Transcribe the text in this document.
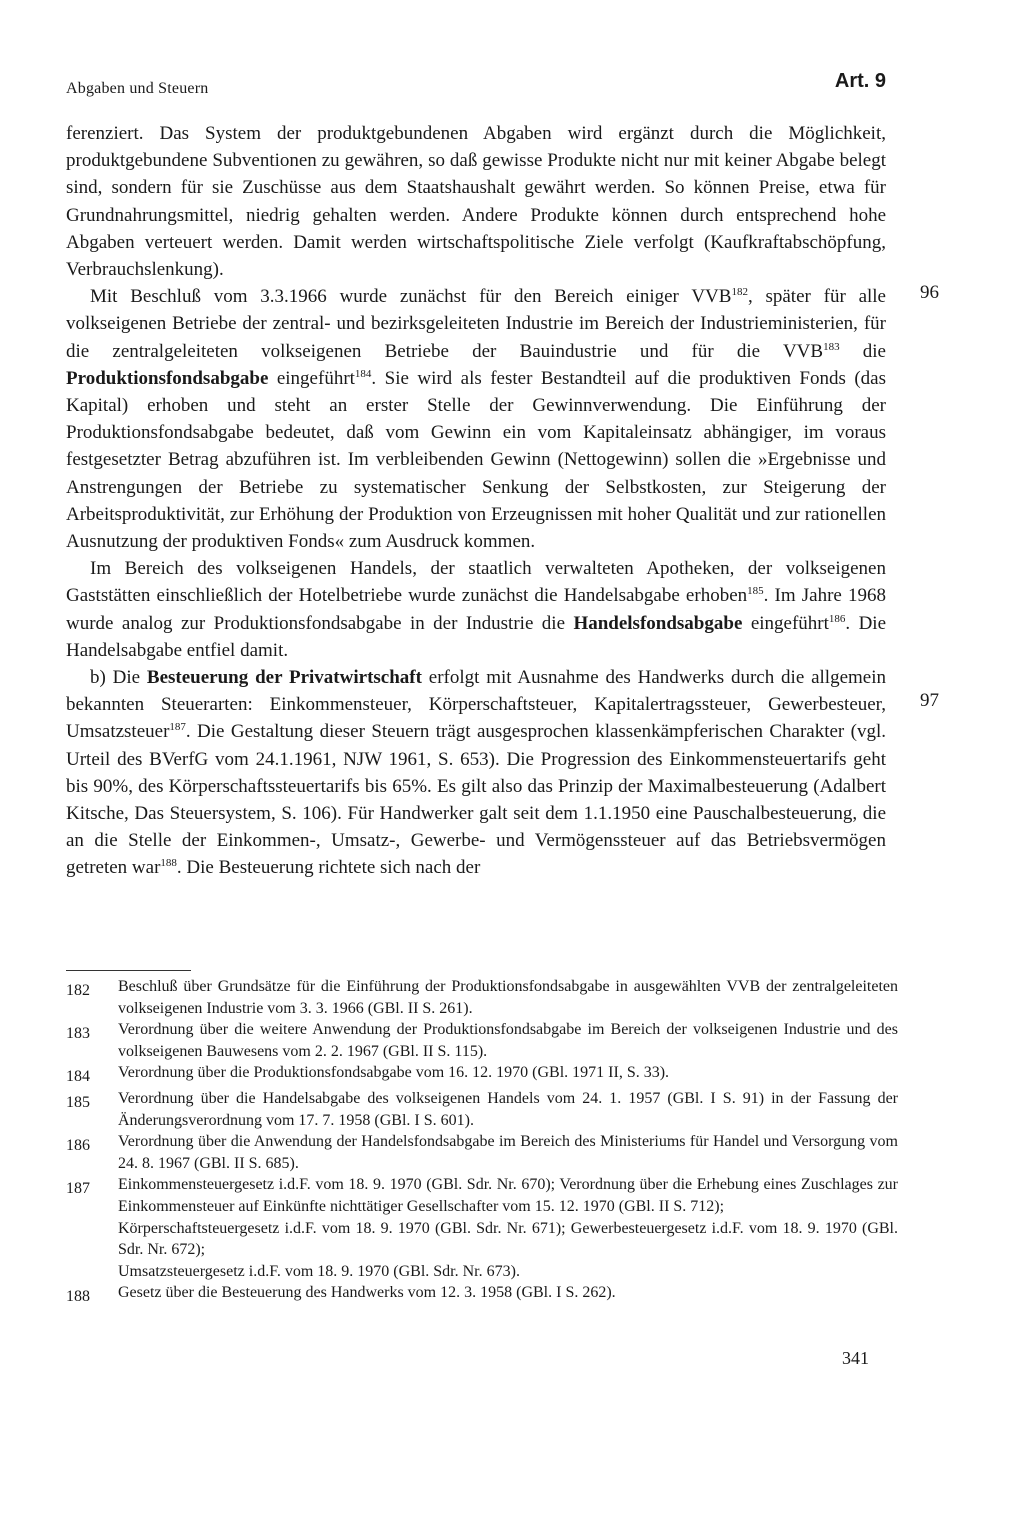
Abgaben und Steuern	Art. 9

ferenziert. Das System der produktgebundenen Abgaben wird ergänzt durch die Möglichkeit, produktgebundene Subventionen zu gewähren, so daß gewisse Produkte nicht nur mit keiner Abgabe belegt sind, sondern für sie Zuschüsse aus dem Staatshaushalt gewährt werden. So können Preise, etwa für Grundnahrungsmittel, niedrig gehalten werden. Andere Produkte können durch entsprechend hohe Abgaben verteuert werden. Damit werden wirtschaftspolitische Ziele verfolgt (Kaufkraftabschöpfung, Verbrauchslenkung).

Mit Beschluß vom 3.3.1966 wurde zunächst für den Bereich einiger VVB$^{182}$, später für alle volkseigenen Betriebe der zentral- und bezirksgeleiteten Industrie im Bereich der Industrieministerien, für die zentralgeleiteten volkseigenen Betriebe der Bauindustrie und für die VVB$^{183}$ die Produktionsfondsabgabe eingeführt$^{184}$. Sie wird als fester Bestandteil auf die produktiven Fonds (das Kapital) erhoben und steht an erster Stelle der Gewinnverwendung. Die Einführung der Produktionsfondsabgabe bedeutet, daß vom Gewinn ein vom Kapitaleinsatz abhängiger, im voraus festgesetzter Betrag abzuführen ist. Im verbleibenden Gewinn (Nettogewinn) sollen die »Ergebnisse und Anstrengungen der Betriebe zu systematischer Senkung der Selbstkosten, zur Steigerung der Arbeitsproduktivität, zur Erhöhung der Produktion von Erzeugnissen mit hoher Qualität und zur rationellen Ausnutzung der produktiven Fonds« zum Ausdruck kommen.

Im Bereich des volkseigenen Handels, der staatlich verwalteten Apotheken, der volkseigenen Gaststätten einschließlich der Hotelbetriebe wurde zunächst die Handelsabgabe erhoben$^{185}$. Im Jahre 1968 wurde analog zur Produktionsfondsabgabe in der Industrie die Handelsfondsabgabe eingeführt$^{186}$. Die Handelsabgabe entfiel damit.

b) Die Besteuerung der Privatwirtschaft erfolgt mit Ausnahme des Handwerks durch die allgemein bekannten Steuerarten: Einkommensteuer, Körperschaftsteuer, Kapitalertragssteuer, Gewerbesteuer, Umsatzsteuer$^{187}$. Die Gestaltung dieser Steuern trägt ausgesprochen klassenkämpferischen Charakter (vgl. Urteil des BVerfG vom 24.1.1961, NJW 1961, S. 653). Die Progression des Einkommensteuertarifs geht bis 90%, des Körperschaftssteuertarifs bis 65%. Es gilt also das Prinzip der Maximalbesteuerung (Adalbert Kitsche, Das Steuersystem, S. 106). Für Handwerker galt seit dem 1.1.1950 eine Pauschalbesteuerung, die an die Stelle der Einkommen-, Umsatz-, Gewerbe- und Vermögenssteuer auf das Betriebsvermögen getreten war$^{188}$. Die Besteuerung richtete sich nach der

96
97
182	Beschluß über Grundsätze für die Einführung der Produktionsfondsabgabe in ausgewählten VVB der zentralgeleiteten volkseigenen Industrie vom 3. 3. 1966 (GBl. II S. 261).
183	Verordnung über die weitere Anwendung der Produktionsfondsabgabe im Bereich der volkseigenen Industrie und des volkseigenen Bauwesens vom 2. 2. 1967 (GBl. II S. 115).
184	Verordnung über die Produktionsfondsabgabe vom 16. 12. 1970 (GBl. 1971 II, S. 33).
185	Verordnung über die Handelsabgabe des volkseigenen Handels vom 24. 1. 1957 (GBl. I S. 91) in der Fassung der Änderungsverordnung vom 17. 7. 1958 (GBl. I S. 601).
186	Verordnung über die Anwendung der Handelsfondsabgabe im Bereich des Ministeriums für Handel und Versorgung vom 24. 8. 1967 (GBl. II S. 685).
187	Einkommensteuergesetz i.d.F. vom 18. 9. 1970 (GBl. Sdr. Nr. 670); Verordnung über die Erhebung eines Zuschlages zur Einkommensteuer auf Einkünfte nichttätiger Gesellschafter vom 15. 12. 1970 (GBl. II S. 712);
Körperschaftsteuergesetz i.d.F. vom 18. 9. 1970 (GBl. Sdr. Nr. 671); Gewerbesteuergesetz i.d.F. vom 18. 9. 1970 (GBl. Sdr. Nr. 672);
Umsatzsteuergesetz i.d.F. vom 18. 9. 1970 (GBl. Sdr. Nr. 673).
188	Gesetz über die Besteuerung des Handwerks vom 12. 3. 1958 (GBl. I S. 262).
341
